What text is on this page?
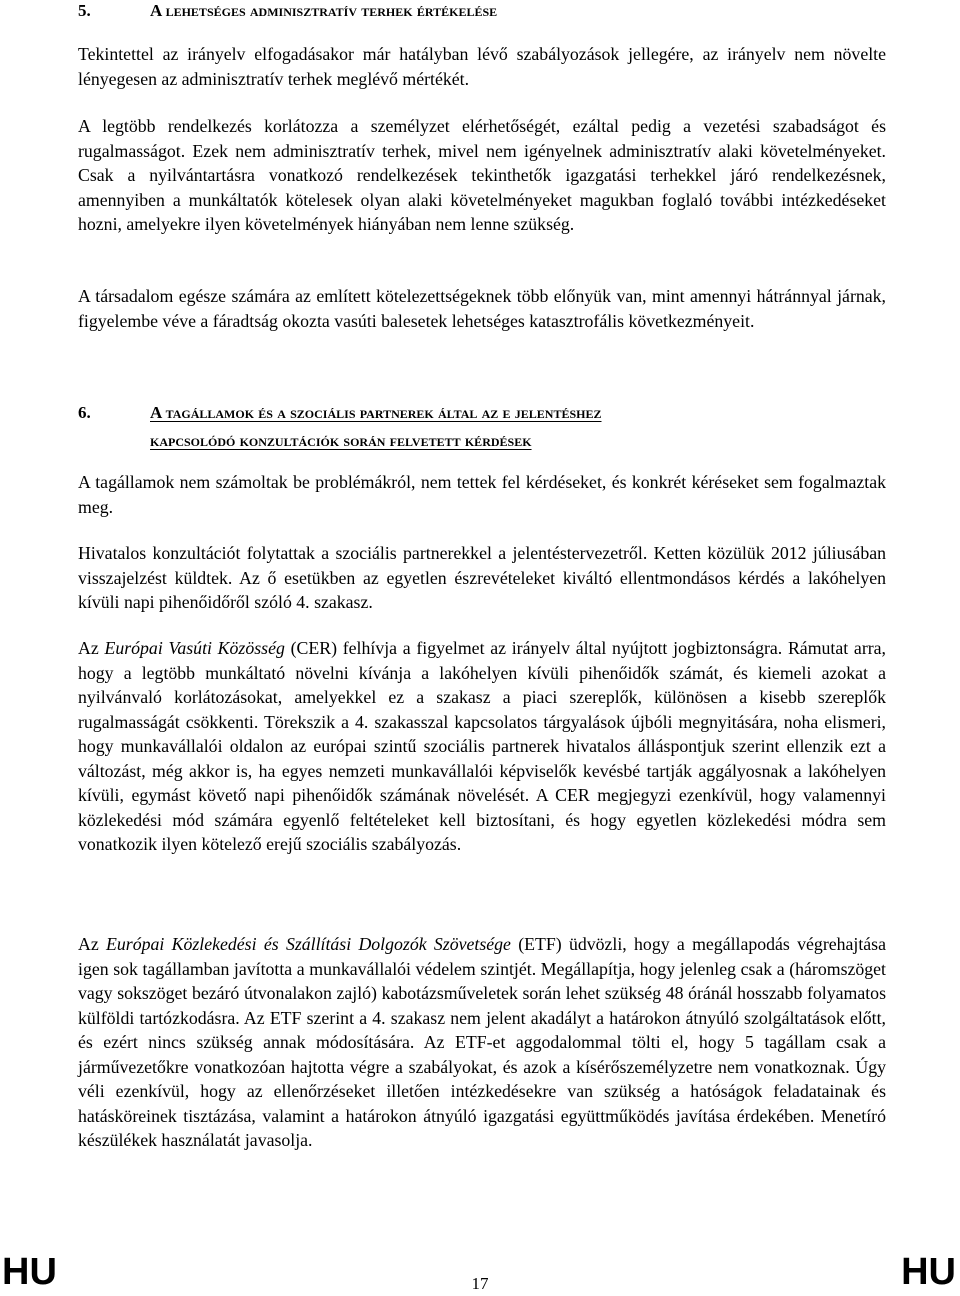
5.	A lehetséges adminisztratív terhek értékelése

Tekintettel az irányelv elfogadásakor már hatályban lévő szabályozások jellegére, az irányelv nem növelte lényegesen az adminisztratív terhek meglévő mértékét.

A legtöbb rendelkezés korlátozza a személyzet elérhetőségét, ezáltal pedig a vezetési szabadságot és rugalmasságot. Ezek nem adminisztratív terhek, mivel nem igényelnek adminisztratív alaki követelményeket. Csak a nyilvántartásra vonatkozó rendelkezések tekinthetők igazgatási terhekkel járó rendelkezésnek, amennyiben a munkáltatók kötelesek olyan alaki követelményeket magukban foglaló további intézkedéseket hozni, amelyekre ilyen követelmények hiányában nem lenne szükség.

A társadalom egésze számára az említett kötelezettségeknek több előnyük van, mint amennyi hátránnyal járnak, figyelembe véve a fáradtság okozta vasúti balesetek lehetséges katasztrofális következményeit.

6.	A tagállamok és a szociális partnerek által az e jelentéshez
kapcsolódó konzultációk során felvetett kérdések

A tagállamok nem számoltak be problémákról, nem tettek fel kérdéseket, és konkrét kéréseket sem fogalmaztak meg.

Hivatalos konzultációt folytattak a szociális partnerekkel a jelentéstervezetről. Ketten közülük 2012 júliusában visszajelzést küldtek. Az ő esetükben az egyetlen észrevételeket kiváltó ellentmondásos kérdés a lakóhelyen kívüli napi pihenőidőről szóló 4. szakasz.

Az Európai Vasúti Közösség (CER) felhívja a figyelmet az irányelv által nyújtott jogbiztonságra. Rámutat arra, hogy a legtöbb munkáltató növelni kívánja a lakóhelyen kívüli pihenőidők számát, és kiemeli azokat a nyilvánvaló korlátozásokat, amelyekkel ez a szakasz a piaci szereplők, különösen a kisebb szereplők rugalmasságát csökkenti. Törekszik a 4. szakasszal kapcsolatos tárgyalások újbóli megnyitására, noha elismeri, hogy munkavállalói oldalon az európai szintű szociális partnerek hivatalos álláspontjuk szerint ellenzik ezt a változást, még akkor is, ha egyes nemzeti munkavállalói képviselők kevésbé tartják aggályosnak a lakóhelyen kívüli, egymást követő napi pihenőidők számának növelését. A CER megjegyzi ezenkívül, hogy valamennyi közlekedési mód számára egyenlő feltételeket kell biztosítani, és hogy egyetlen közlekedési módra sem vonatkozik ilyen kötelező erejű szociális szabályozás.

Az Európai Közlekedési és Szállítási Dolgozók Szövetsége (ETF) üdvözli, hogy a megállapodás végrehajtása igen sok tagállamban javította a munkavállalói védelem szintjét. Megállapítja, hogy jelenleg csak a (háromszöget vagy sokszöget bezáró útvonalakon zajló) kabotázsműveletek során lehet szükség 48 óránál hosszabb folyamatos külföldi tartózkodásra. Az ETF szerint a 4. szakasz nem jelent akadályt a határokon átnyúló szolgáltatások előtt, és ezért nincs szükség annak módosítására. Az ETF-et aggodalommal tölti el, hogy 5 tagállam csak a járművezetőkre vonatkozóan hajtotta végre a szabályokat, és azok a kísérőszemélyzetre nem vonatkoznak. Úgy véli ezenkívül, hogy az ellenőrzéseket illetően intézkedésekre van szükség a hatóságok feladatainak és hatásköreinek tisztázása, valamint a határokon átnyúló igazgatási együttműködés javítása érdekében. Menetíró készülékek használatát javasolja.

HU	17	HU
